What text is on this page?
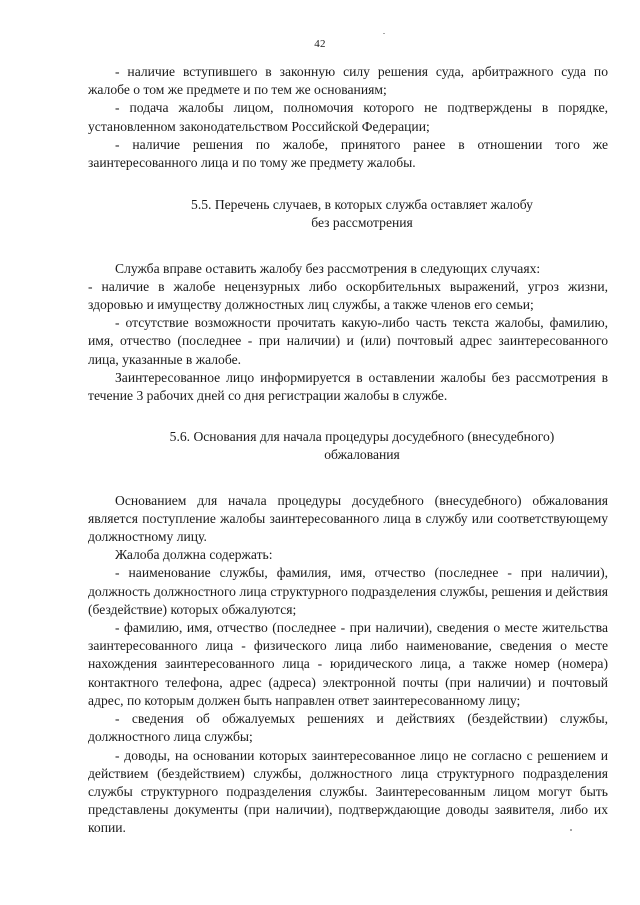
42

- наличие вступившего в законную силу решения суда, арбитражного суда по жалобе о том же предмете и по тем же основаниям;

- подача жалобы лицом, полномочия которого не подтверждены в порядке, установленном законодательством Российской Федерации;

- наличие решения по жалобе, принятого ранее в отношении того же заинтересованного лица и по тому же предмету жалобы.

5.5. Перечень случаев, в которых служба оставляет жалобу

без рассмотрения

Служба вправе оставить жалобу без рассмотрения в следующих случаях:

- наличие в жалобе нецензурных либо оскорбительных выражений, угроз жизни, здоровью и имуществу должностных лиц службы, а также членов его семьи;

- отсутствие возможности прочитать какую-либо часть текста жалобы, фамилию, имя, отчество (последнее - при наличии) и (или) почтовый адрес заинтересованного лица, указанные в жалобе.

Заинтересованное лицо информируется в оставлении жалобы без рассмотрения в течение 3 рабочих дней со дня регистрации жалобы в службе.

5.6. Основания для начала процедуры досудебного (внесудебного)

обжалования

Основанием для начала процедуры досудебного (внесудебного) обжалования является поступление жалобы заинтересованного лица в службу или соответствующему должностному лицу.

Жалоба должна содержать:

- наименование службы, фамилия, имя, отчество (последнее - при наличии), должность должностного лица структурного подразделения службы, решения и действия (бездействие) которых обжалуются;

- фамилию, имя, отчество (последнее - при наличии), сведения о месте жительства заинтересованного лица - физического лица либо наименование, сведения о месте нахождения заинтересованного лица - юридического лица, а также номер (номера) контактного телефона, адрес (адреса) электронной почты (при наличии) и почтовый адрес, по которым должен быть направлен ответ заинтересованному лицу;

- сведения об обжалуемых решениях и действиях (бездействии) службы, должностного лица службы;

- доводы, на основании которых заинтересованное лицо не согласно с решением и действием (бездействием) службы, должностного лица структурного подразделения службы структурного подразделения службы. Заинтересованным лицом могут быть представлены документы (при наличии), подтверждающие доводы заявителя, либо их копии.
